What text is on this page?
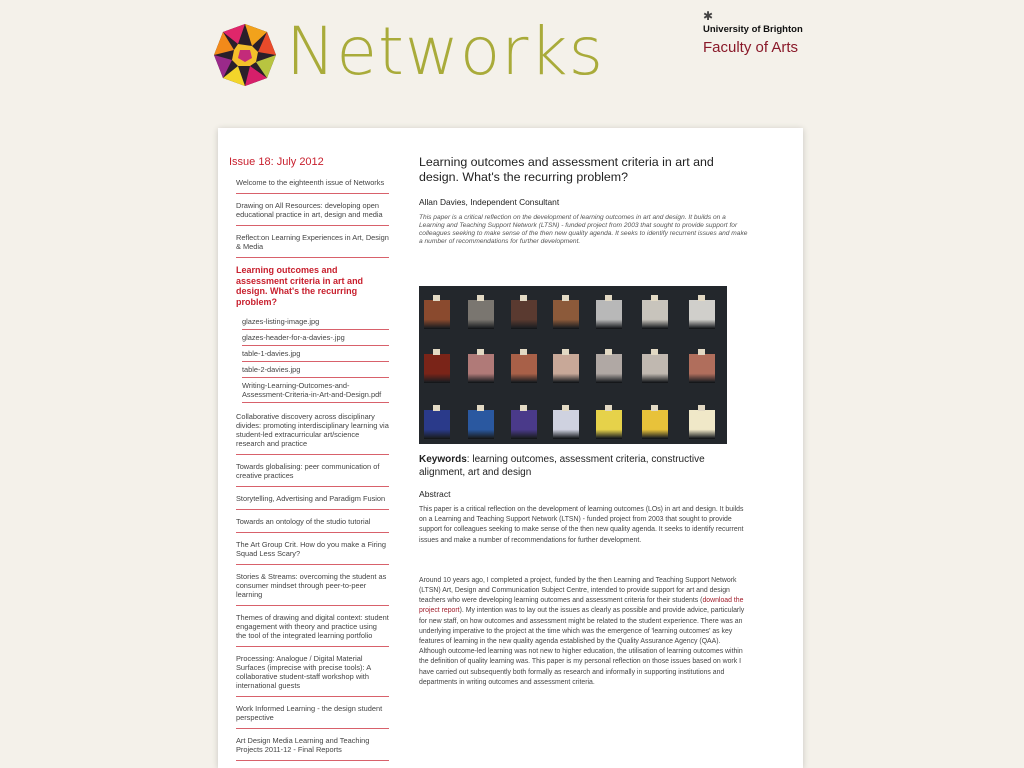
Networks	✱
University of Brighton
Faculty of Arts
Issue 18: July 2012
Welcome to the eighteenth issue of Networks
Drawing on All Resources: developing open educational practice in art, design and media
Reflect:on Learning Experiences in Art, Design & Media
Learning outcomes and assessment criteria in art and design. What's the recurring problem?
glazes-listing-image.jpg
glazes-header-for-a-davies-.jpg
table-1-davies.jpg
table-2-davies.jpg
Writing-Learning-Outcomes-and-Assessment-Criteria-in-Art-and-Design.pdf
Collaborative discovery across disciplinary divides: promoting interdisciplinary learning via student-led extracurricular art/science research and practice
Towards globalising: peer communication of creative practices
Storytelling, Advertising and Paradigm Fusion
Towards an ontology of the studio tutorial
The Art Group Crit. How do you make a Firing Squad Less Scary?
Stories & Streams: overcoming the student as consumer mindset through peer-to-peer learning
Themes of drawing and digital context: student engagement with theory and practice using the tool of the integrated learning portfolio
Processing: Analogue / Digital Material Surfaces (imprecise with precise tools): A collaborative student-staff workshop with international guests
Work Informed Learning - the design student perspective
Art Design Media Learning and Teaching Projects 2011-12 - Final Reports
Learning outcomes and assessment criteria in art and design. What's the recurring problem?
Allan Davies, Independent Consultant
This paper is a critical reflection on the development of learning outcomes in art and design. It builds on a Learning and Teaching Support Network (LTSN) - funded project from 2003 that sought to provide support for colleagues seeking to make sense of the then new quality agenda. It seeks to identify recurrent issues and make a number of recommendations for further development.
Keywords: learning outcomes, assessment criteria, constructive alignment, art and design
Abstract

This paper is a critical reflection on the development of learning outcomes (LOs) in art and design. It builds on a Learning and Teaching Support Network (LTSN) - funded project from 2003 that sought to provide support for colleagues seeking to make sense of the then new quality agenda. It seeks to identify recurrent issues and make a number of recommendations for further development.

Around 10 years ago, I completed a project, funded by the then Learning and Teaching Support Network (LTSN) Art, Design and Communication Subject Centre, intended to provide support for art and design teachers who were developing learning outcomes and assessment criteria for their students (download the project report). My intention was to lay out the issues as clearly as possible and provide advice, particularly for new staff, on how outcomes and assessment might be related to the student experience. There was an underlying imperative to the project at the time which was the emergence of 'learning outcomes' as key features of learning in the new quality agenda established by the Quality Assurance Agency (QAA). Although outcome-led learning was not new to higher education, the utilisation of learning outcomes within the definition of quality learning was. This paper is my personal reflection on those issues based on work I have carried out subsequently both formally as research and informally in supporting institutions and departments in writing outcomes and assessment criteria.
